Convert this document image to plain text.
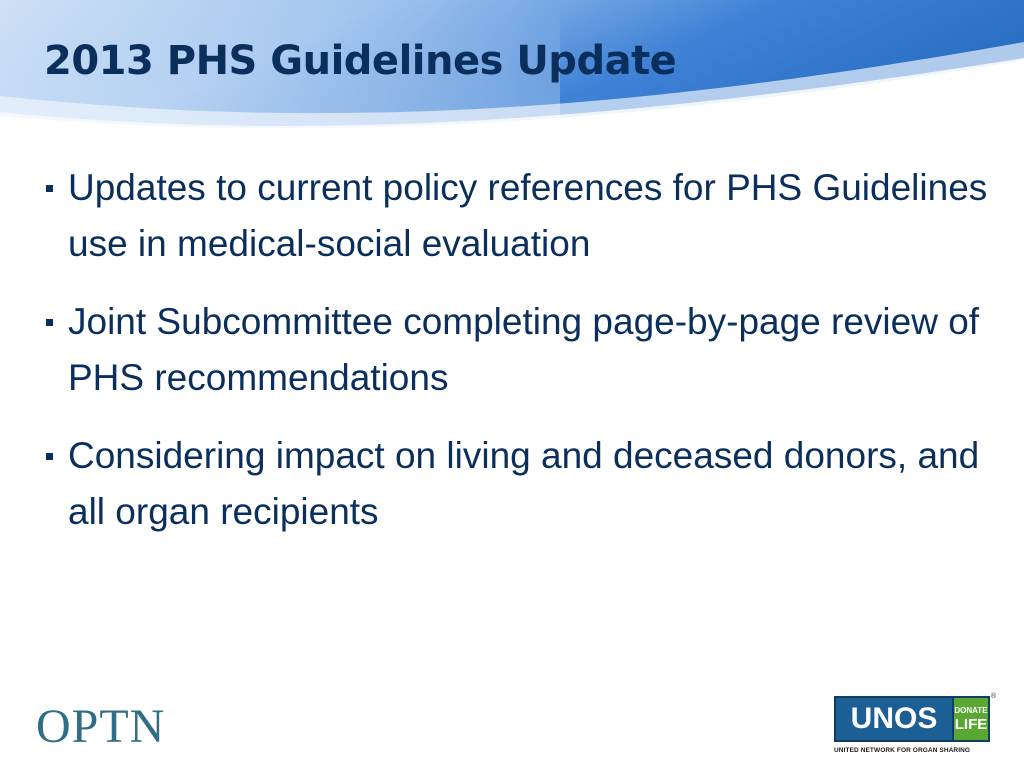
2013 PHS Guidelines Update
Updates to current policy references for PHS Guidelines use in medical-social evaluation
Joint Subcommittee completing page-by-page review of PHS recommendations
Considering impact on living and deceased donors, and all organ recipients
OPTN	UNOS DONATE
LIFE
®
UNITED NETWORK FOR ORGAN SHARING
